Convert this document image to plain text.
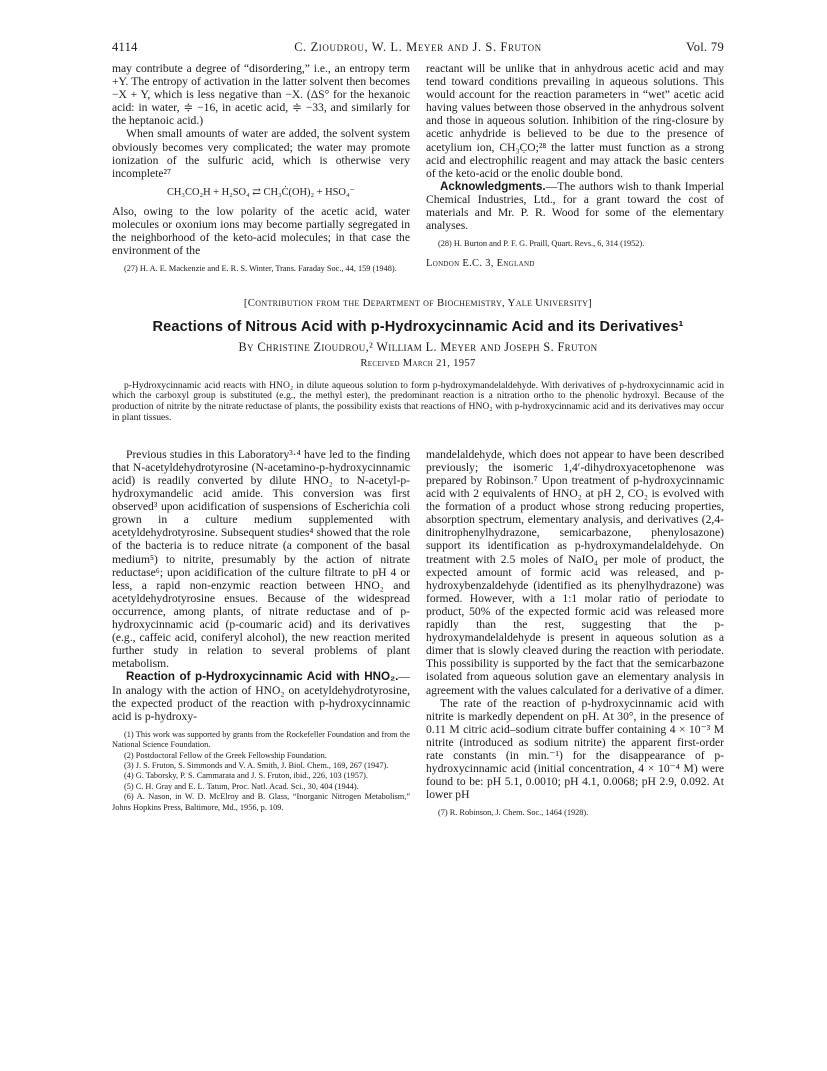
4114	C. Zioudrou, W. L. Meyer and J. S. Fruton	Vol. 79

may contribute a degree of “disordering,” i.e., an entropy term +Y. The entropy of activation in the latter solvent then becomes −X + Y, which is less negative than −X. (ΔS° for the hexanoic acid: in water, ≑ −16, in acetic acid, ≑ −33, and similarly for the heptanoic acid.)

When small amounts of water are added, the solvent system obviously becomes very complicated; the water may promote ionization of the sulfuric acid, which is otherwise very incomplete²⁷

CH₃CO₂H + H₂SO₄ ⇄ CH₃Ċ(OH)₂ + HSO₄⁻

Also, owing to the low polarity of the acetic acid, water molecules or oxonium ions may become partially segregated in the neighborhood of the keto-acid molecules; in that case the environment of the

(27) H. A. E. Mackenzie and E. R. S. Winter, Trans. Faraday Soc., 44, 159 (1948).

reactant will be unlike that in anhydrous acetic acid and may tend toward conditions prevailing in aqueous solutions. This would account for the reaction parameters in “wet” acetic acid having values between those observed in the anhydrous solvent and those in aqueous solution. Inhibition of the ring-closure by acetic anhydride is believed to be due to the presence of acetylium ion, CH₃C̣O;²⁸ the latter must function as a strong acid and electrophilic reagent and may attack the basic centers of the keto-acid or the enolic double bond.

Acknowledgments.—The authors wish to thank Imperial Chemical Industries, Ltd., for a grant toward the cost of materials and Mr. P. R. Wood for some of the elementary analyses.

(28) H. Burton and P. F. G. Praill, Quart. Revs., 6, 314 (1952).

London E.C. 3, England
[Contribution from the Department of Biochemistry, Yale University]
Reactions of Nitrous Acid with p-Hydroxycinnamic Acid and its Derivatives¹
By Christine Zioudrou,² William L. Meyer and Joseph S. Fruton
Received March 21, 1957

p-Hydroxycinnamic acid reacts with HNO₂ in dilute aqueous solution to form p-hydroxymandelaldehyde. With derivatives of p-hydroxycinnamic acid in which the carboxyl group is substituted (e.g., the methyl ester), the predominant reaction is a nitration ortho to the phenolic hydroxyl. Because of the production of nitrite by the nitrate reductase of plants, the possibility exists that reactions of HNO₂ with p-hydroxycinnamic acid and its derivatives may occur in plant tissues.

Previous studies in this Laboratory³·⁴ have led to the finding that N-acetyldehydrotyrosine (N-acetamino-p-hydroxycinnamic acid) is readily converted by dilute HNO₂ to N-acetyl-p-hydroxymandelic acid amide. This conversion was first observed³ upon acidification of suspensions of Escherichia coli grown in a culture medium supplemented with acetyldehydrotyrosine. Subsequent studies⁴ showed that the role of the bacteria is to reduce nitrate (a component of the basal medium⁵) to nitrite, presumably by the action of nitrate reductase⁶; upon acidification of the culture filtrate to pH 4 or less, a rapid non-enzymic reaction between HNO₂ and acetyldehydrotyrosine ensues. Because of the widespread occurrence, among plants, of nitrate reductase and of p-hydroxycinnamic acid (p-coumaric acid) and its derivatives (e.g., caffeic acid, coniferyl alcohol), the new reaction merited further study in relation to several problems of plant metabolism.

Reaction of p-Hydroxycinnamic Acid with HNO₂.—In analogy with the action of HNO₂ on acetyldehydrotyrosine, the expected product of the reaction with p-hydroxycinnamic acid is p-hydroxy-

(1) This work was supported by grants from the Rockefeller Foundation and from the National Science Foundation.

(2) Postdoctoral Fellow of the Greek Fellowship Foundation.

(3) J. S. Fruton, S. Simmonds and V. A. Smith, J. Biol. Chem., 169, 267 (1947).

(4) G. Taborsky, P. S. Cammarata and J. S. Fruton, ibid., 226, 103 (1957).

(5) C. H. Gray and E. L. Tatum, Proc. Natl. Acad. Sci., 30, 404 (1944).

(6) A. Nason, in W. D. McElroy and B. Glass, “Inorganic Nitrogen Metabolism,” Johns Hopkins Press, Baltimore, Md., 1956, p. 109.

mandelaldehyde, which does not appear to have been described previously; the isomeric 1,4′-dihydroxyacetophenone was prepared by Robinson.⁷ Upon treatment of p-hydroxycinnamic acid with 2 equivalents of HNO₂ at pH 2, CO₂ is evolved with the formation of a product whose strong reducing properties, absorption spectrum, elementary analysis, and derivatives (2,4-dinitrophenylhydrazone, semicarbazone, phenylosazone) support its identification as p-hydroxymandelaldehyde. On treatment with 2.5 moles of NaIO₄ per mole of product, the expected amount of formic acid was released, and p-hydroxybenzaldehyde (identified as its phenylhydrazone) was formed. However, with a 1:1 molar ratio of periodate to product, 50% of the expected formic acid was released more rapidly than the rest, suggesting that the p-hydroxymandelaldehyde is present in aqueous solution as a dimer that is slowly cleaved during the reaction with periodate. This possibility is supported by the fact that the semicarbazone isolated from aqueous solution gave an elementary analysis in agreement with the values calculated for a derivative of a dimer.

The rate of the reaction of p-hydroxycinnamic acid with nitrite is markedly dependent on pH. At 30°, in the presence of 0.11 M citric acid–sodium citrate buffer containing 4 × 10⁻³ M nitrite (introduced as sodium nitrite) the apparent first-order rate constants (in min.⁻¹) for the disappearance of p-hydroxycinnamic acid (initial concentration, 4 × 10⁻⁴ M) were found to be: pH 5.1, 0.0010; pH 4.1, 0.0068; pH 2.9, 0.092. At lower pH

(7) R. Robinson, J. Chem. Soc., 1464 (1928).
